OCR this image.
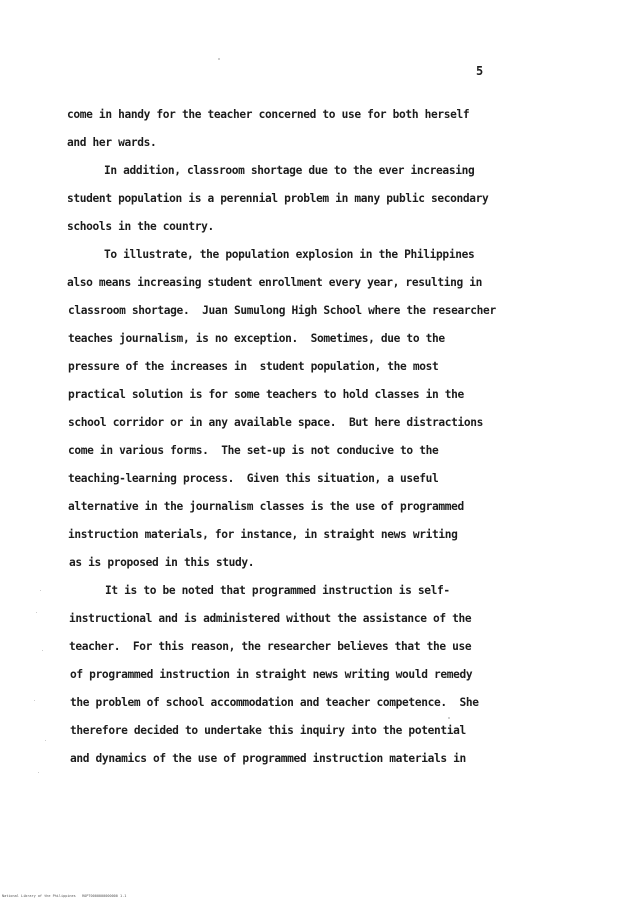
5
come in handy for the teacher concerned to use for both herself
and her wards.
In addition, classroom shortage due to the ever increasing
student population is a perennial problem in many public secondary
schools in the country.
To illustrate, the population explosion in the Philippines
also means increasing student enrollment every year, resulting in
classroom shortage.  Juan Sumulong High School where the researcher
teaches journalism, is no exception.  Sometimes, due to the
pressure of the increases in  student population, the most
practical solution is for some teachers to hold classes in the
school corridor or in any available space.  But here distractions
come in various forms.  The set-up is not conducive to the
teaching-learning process.  Given this situation, a useful
alternative in the journalism classes is the use of programmed
instruction materials, for instance, in straight news writing
as is proposed in this study.
It is to be noted that programmed instruction is self-
instructional and is administered without the assistance of the
teacher.  For this reason, the researcher believes that the use
of programmed instruction in straight news writing would remedy
the problem of school accommodation and teacher competence.  She
therefore decided to undertake this inquiry into the potential
and dynamics of the use of programmed instruction materials in
National Library of the Philippines   ROPT0000000000000 1.1
